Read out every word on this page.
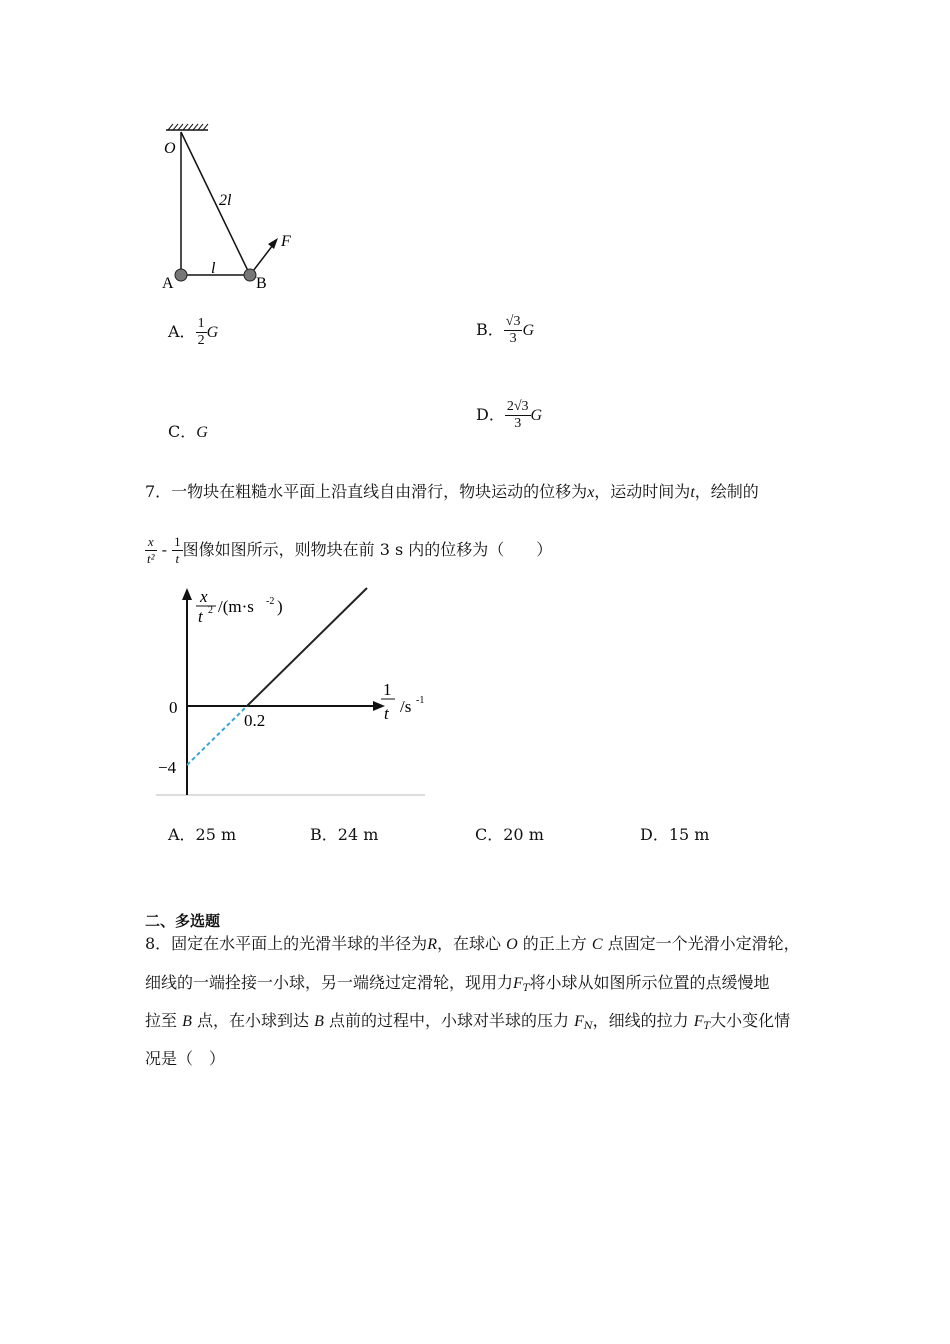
O
2l
F
A
l
B
A． $\frac{1}{2}$ G	B． $\frac{√3}{3}$ G
C．G
D． $\frac{2√3}{3}$ G
7．一物块在粗糙水平面上沿直线自由滑行，物块运动的位移为x，运动时间为t，绘制的
$\frac{x}{\text{t²}} - \frac{1}{t}$ 图像如图所示，则物块在前 3 s 内的位移为（　　）
x
t 2 /(m·s -2 )
1
t /s -1
0
0.2
−4
A．25 m	B．24 m	C．20 m	D．15 m
二、多选题
8．固定在水平面上的光滑半球的半径为R，在球心 O 的正上方 C 点固定一个光滑小定滑轮，
细线的一端拴接一小球，另一端绕过定滑轮，现用力$F_T$将小球从如图所示位置的点缓慢地
拉至 B 点，在小球到达 B 点前的过程中，小球对半球的压力 $F_N$，细线的拉力 $F_T$大小变化情
况是（　）
